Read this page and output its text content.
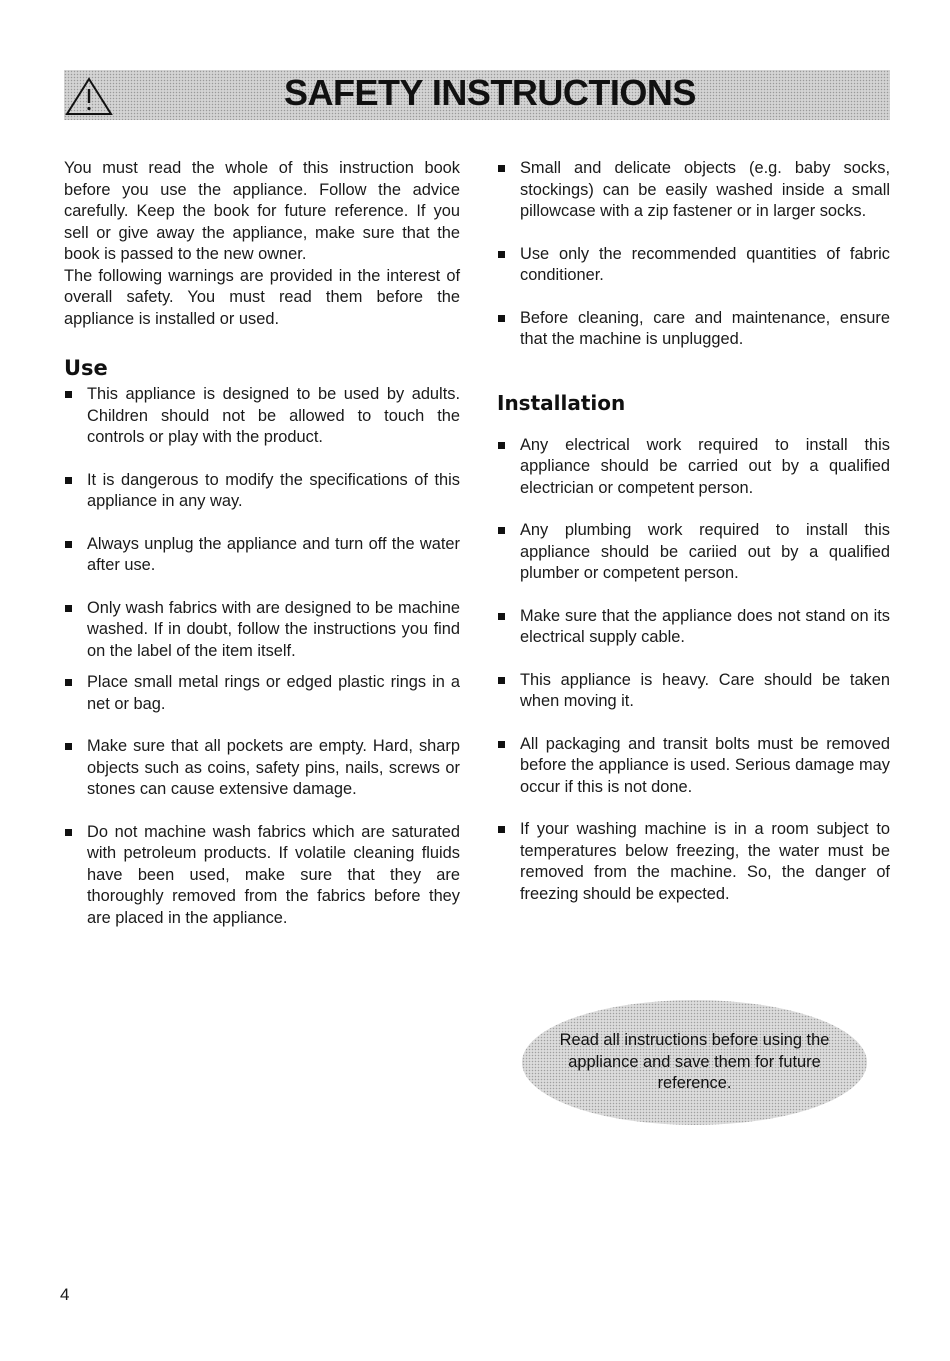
SAFETY INSTRUCTIONS

You must read the whole of this instruction book before you use the appliance. Follow the advice carefully. Keep the book for future reference. If you sell or give away the appliance, make sure that the book is passed to the new owner.

The following warnings are provided in the interest of overall safety. You must read them before the appliance is installed or used.

Use
This appliance is designed to be used by adults. Children should not be allowed to touch the controls or play with the product.
It is dangerous to modify the specifications of this appliance in any way.
Always unplug the appliance and turn off the water after use.
Only wash fabrics with are designed to be machine washed. If in doubt, follow the instructions you find on the label of the item itself.
Place small metal rings or edged plastic rings in a net or bag.
Make sure that all pockets are empty. Hard, sharp objects such as coins, safety pins, nails, screws or stones can cause extensive damage.
Do not machine wash fabrics which are saturated with petroleum products. If volatile cleaning fluids have been used, make sure that they are thoroughly removed from the fabrics before they are placed in the appliance.
Small and delicate objects (e.g. baby socks, stockings) can be easily washed inside a small pillowcase with a zip fastener or in larger socks.
Use only the recommended quantities of fabric conditioner.
Before cleaning, care and maintenance, ensure that the machine is unplugged.
Installation
Any electrical work required to install this appliance should be carried out by a qualified electrician or competent person.
Any plumbing work required to install this appliance should be cariied out by a qualified plumber or competent person.
Make sure that the appliance does not stand on its electrical supply cable.
This appliance is heavy. Care should be taken when moving it.
All packaging and transit bolts must be removed before the appliance is used. Serious damage may occur if this is not done.
If your washing machine is in a room subject to temperatures below freezing, the water must be removed from the machine. So, the danger of freezing should be expected.
Read all instructions before using the appliance and save them for future reference.
4
